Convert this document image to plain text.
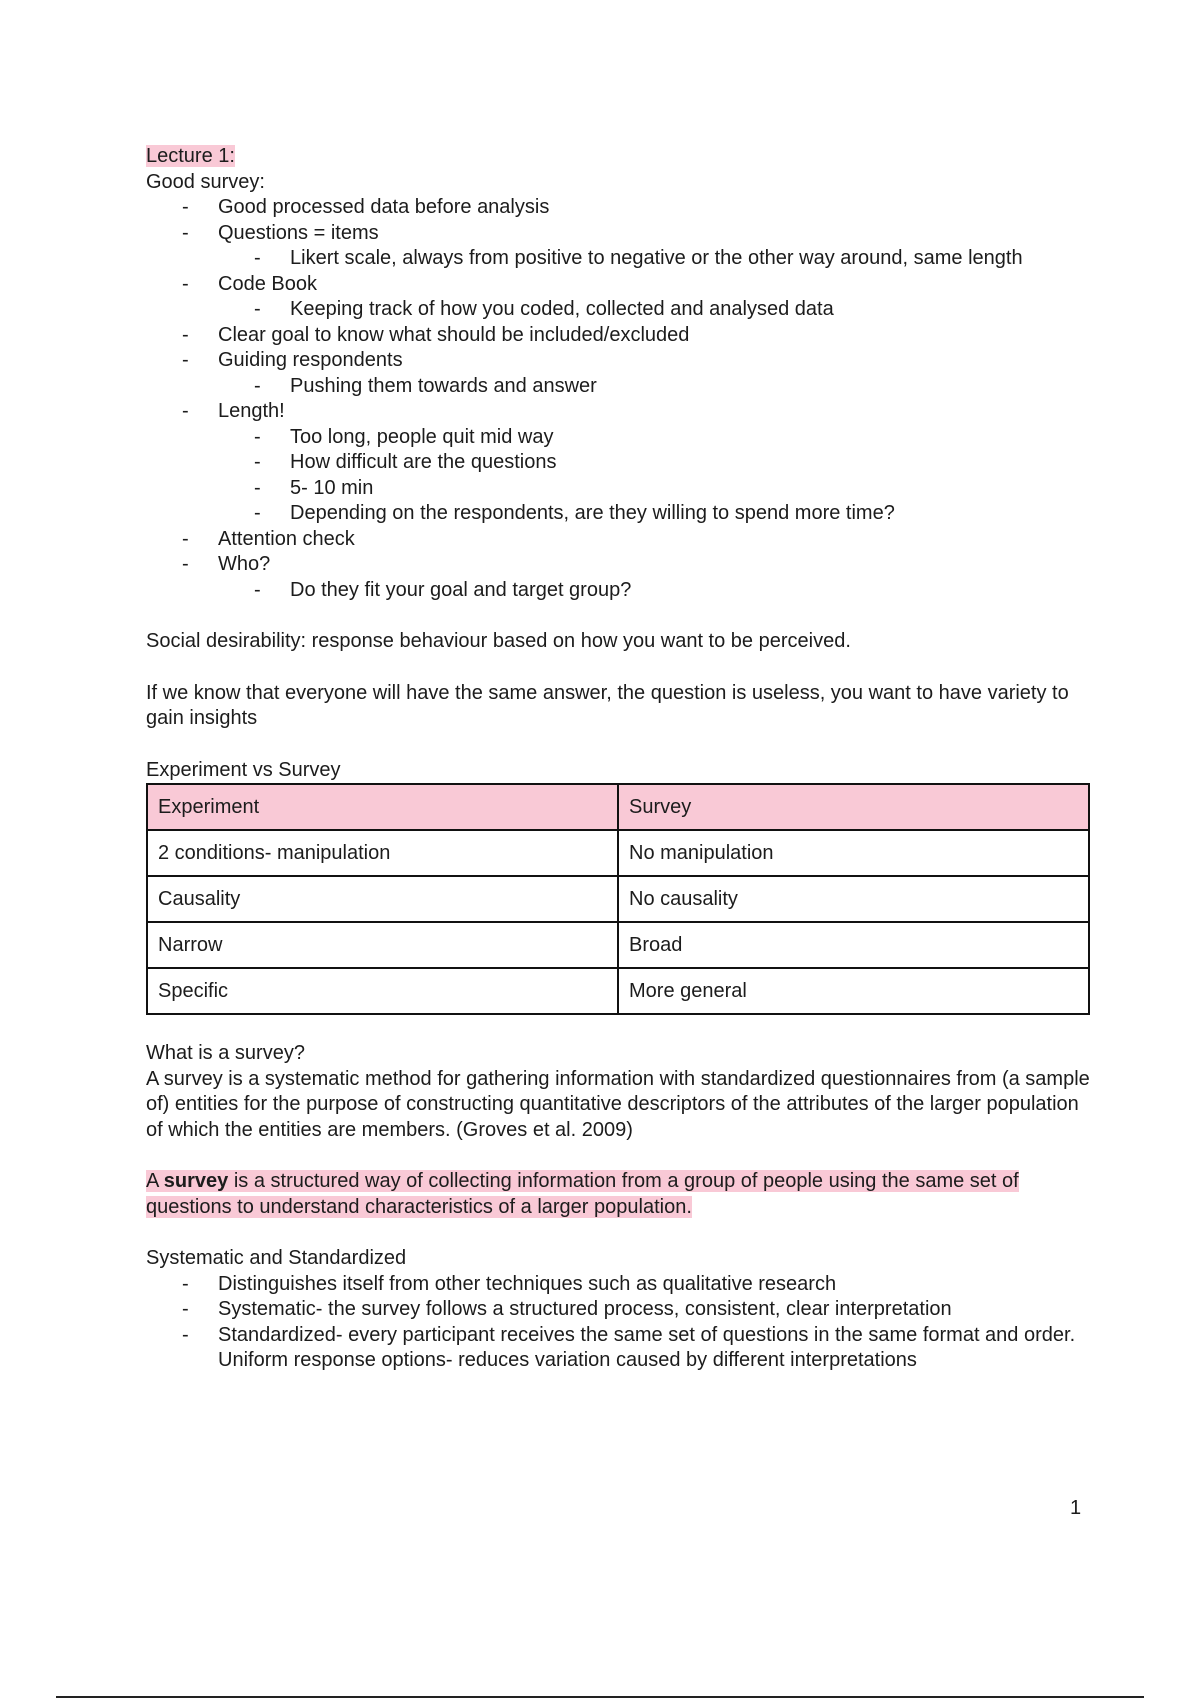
Lecture 1:
Good survey:
- Good processed data before analysis
- Questions = items
- Likert scale, always from positive to negative or the other way around, same length
- Code Book
- Keeping track of how you coded, collected and analysed data
- Clear goal to know what should be included/excluded
- Guiding respondents
- Pushing them towards and answer
- Length!
- Too long, people quit mid way
- How difficult are the questions
- 5- 10 min
- Depending on the respondents, are they willing to spend more time?
- Attention check
- Who?
- Do they fit your goal and target group?
Social desirability: response behaviour based on how you want to be perceived.
If we know that everyone will have the same answer, the question is useless, you want to have variety to gain insights
Experiment vs Survey
Experiment	Survey
2 conditions- manipulation	No manipulation
Causality	No causality
Narrow	Broad
Specific	More general
What is a survey?
A survey is a systematic method for gathering information with standardized questionnaires from (a sample of) entities for the purpose of constructing quantitative descriptors of the attributes of the larger population of which the entities are members. (Groves et al. 2009)
A survey is a structured way of collecting information from a group of people using the same set of questions to understand characteristics of a larger population.
Systematic and Standardized
- Distinguishes itself from other techniques such as qualitative research
- Systematic- the survey follows a structured process, consistent, clear interpretation
- Standardized- every participant receives the same set of questions in the same format and order. Uniform response options- reduces variation caused by different interpretations
1
